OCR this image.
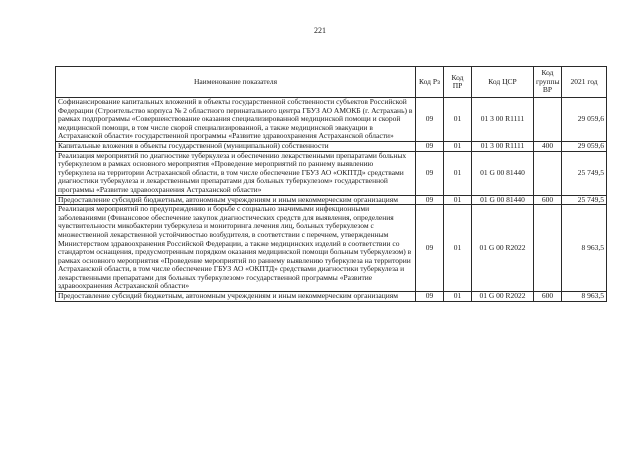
221
Наименование показателя	Код Рз	Код ПР	Код ЦСР	Код группы ВР	2021 год
Софинансирование капитальных вложений в объекты государственной собственности субъектов Российской Федерации (Строительство корпуса № 2 областного перинатального центра ГБУЗ АО АМОКБ (г. Астрахань) в рамках подпрограммы «Совершенствование оказания специализированной медицинской помощи и скорой медицинской помощи, в том числе скорой специализированной, а также медицинской эвакуации в Астраханской области» государственной программы «Развитие здравоохранения Астраханской области»	09	01	01 3 00 R1111		29 059,6
Капитальные вложения в объекты государственной (муниципальной) собственности	09	01	01 3 00 R1111	400	29 059,6
Реализация мероприятий по диагностике туберкулеза и обеспечению лекарственными препаратами больных туберкулезом в рамках основного мероприятия «Проведение мероприятий по раннему выявлению туберкулеза на территории Астраханской области, в том числе обеспечение ГБУЗ АО «ОКПТД» средствами диагностики туберкулеза и лекарственными препаратами для больных туберкулезом» государственной программы «Развитие здравоохранения Астраханской области»	09	01	01 G 00 81440		25 749,5
Предоставление субсидий бюджетным, автономным учреждениям и иным некоммерческим организациям	09	01	01 G 00 81440	600	25 749,5
Реализация мероприятий по предупреждению и борьбе с социально значимыми инфекционными заболеваниями (Финансовое обеспечение закупок диагностических средств для выявления, определения чувствительности микобактерии туберкулеза и мониторинга лечения лиц, больных туберкулезом с множественной лекарственной устойчивостью возбудителя, в соответствии с перечнем, утвержденным Министерством здравоохранения Российской Федерации, а также медицинских изделий в соответствии со стандартом оснащения, предусмотренным порядком оказания медицинской помощи больным туберкулезом) в рамках основного мероприятия «Проведение мероприятий по раннему выявлению туберкулеза на территории Астраханской области, в том числе обеспечение ГБУЗ АО «ОКПТД» средствами диагностики туберкулеза и лекарственными препаратами для больных туберкулезом» государственной программы «Развитие здравоохранения Астраханской области»	09	01	01 G 00 R2022		8 963,5
Предоставление субсидий бюджетным, автономным учреждениям и иным некоммерческим организациям	09	01	01 G 00 R2022	600	8 963,5
